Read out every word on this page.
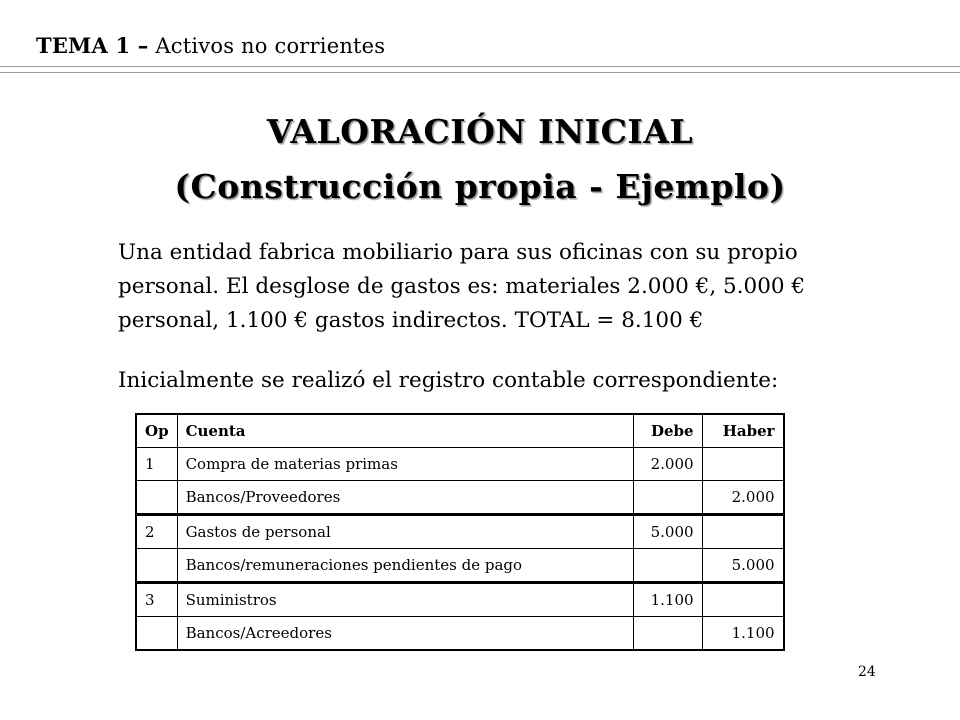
TEMA 1 – Activos no corrientes
VALORACIÓN INICIAL
(Construcción propia - Ejemplo)
Una entidad fabrica mobiliario para sus oficinas con su propio
personal. El desglose de gastos es: materiales 2.000 €, 5.000 €
personal, 1.100 € gastos indirectos. TOTAL = 8.100 €
Inicialmente se realizó el registro contable correspondiente:
Op	Cuenta	Debe	Haber
1	Compra de materias primas	2.000	
	Bancos/Proveedores		2.000
2	Gastos de personal	5.000	
	Bancos/remuneraciones pendientes de pago		5.000
3	Suministros	1.100	
	Bancos/Acreedores		1.100
24
